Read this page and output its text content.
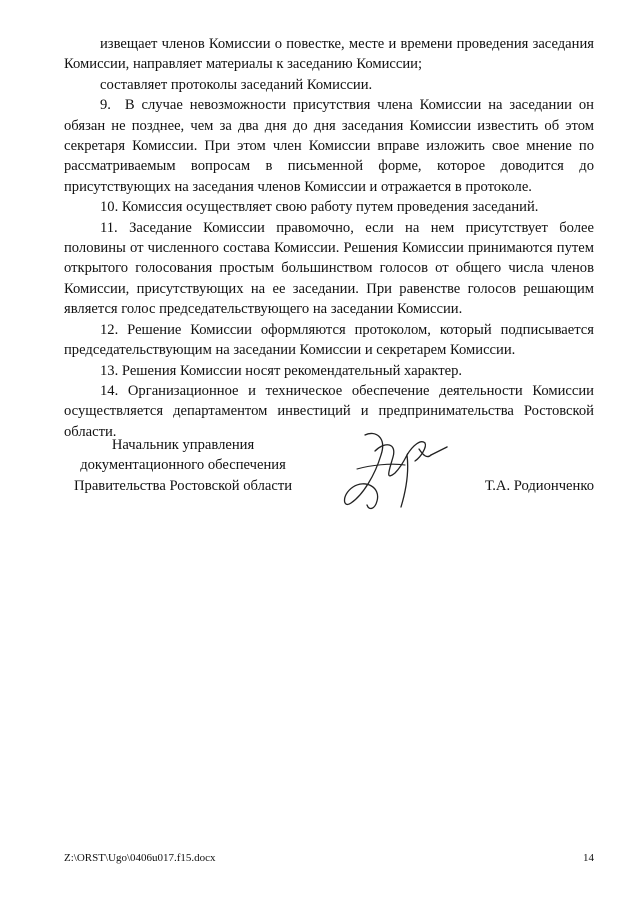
извещает членов Комиссии о повестке, месте и времени проведения заседания Комиссии, направляет материалы к заседанию Комиссии;

составляет протоколы заседаний Комиссии.

9.  В случае невозможности присутствия члена Комиссии на заседании он обязан не позднее, чем за два дня до дня заседания Комиссии известить об этом секретаря Комиссии. При этом член Комиссии вправе изложить свое мнение по рассматриваемым вопросам в письменной форме, которое доводится до присутствующих на заседания членов Комиссии и отражается в протоколе.

10. Комиссия осуществляет свою работу путем проведения заседаний.

11. Заседание Комиссии правомочно, если на нем присутствует более половины от численного состава Комиссии. Решения Комиссии принимаются путем открытого голосования простым большинством голосов от общего числа членов Комиссии, присутствующих на ее заседании. При равенстве голосов решающим является голос председательствующего на заседании Комиссии.

12. Решение Комиссии оформляются протоколом, который подписывается председательствующим на заседании Комиссии и секретарем Комиссии.

13. Решения Комиссии носят рекомендательный характер.

14. Организационное и техническое обеспечение деятельности Комиссии осуществляется департаментом инвестиций и предпринимательства Ростовской области.

Начальник управления
документационного обеспечения
Правительства Ростовской области	Т.А. Родионченко
Z:\ORST\Ugo\0406u017.f15.docx	14
